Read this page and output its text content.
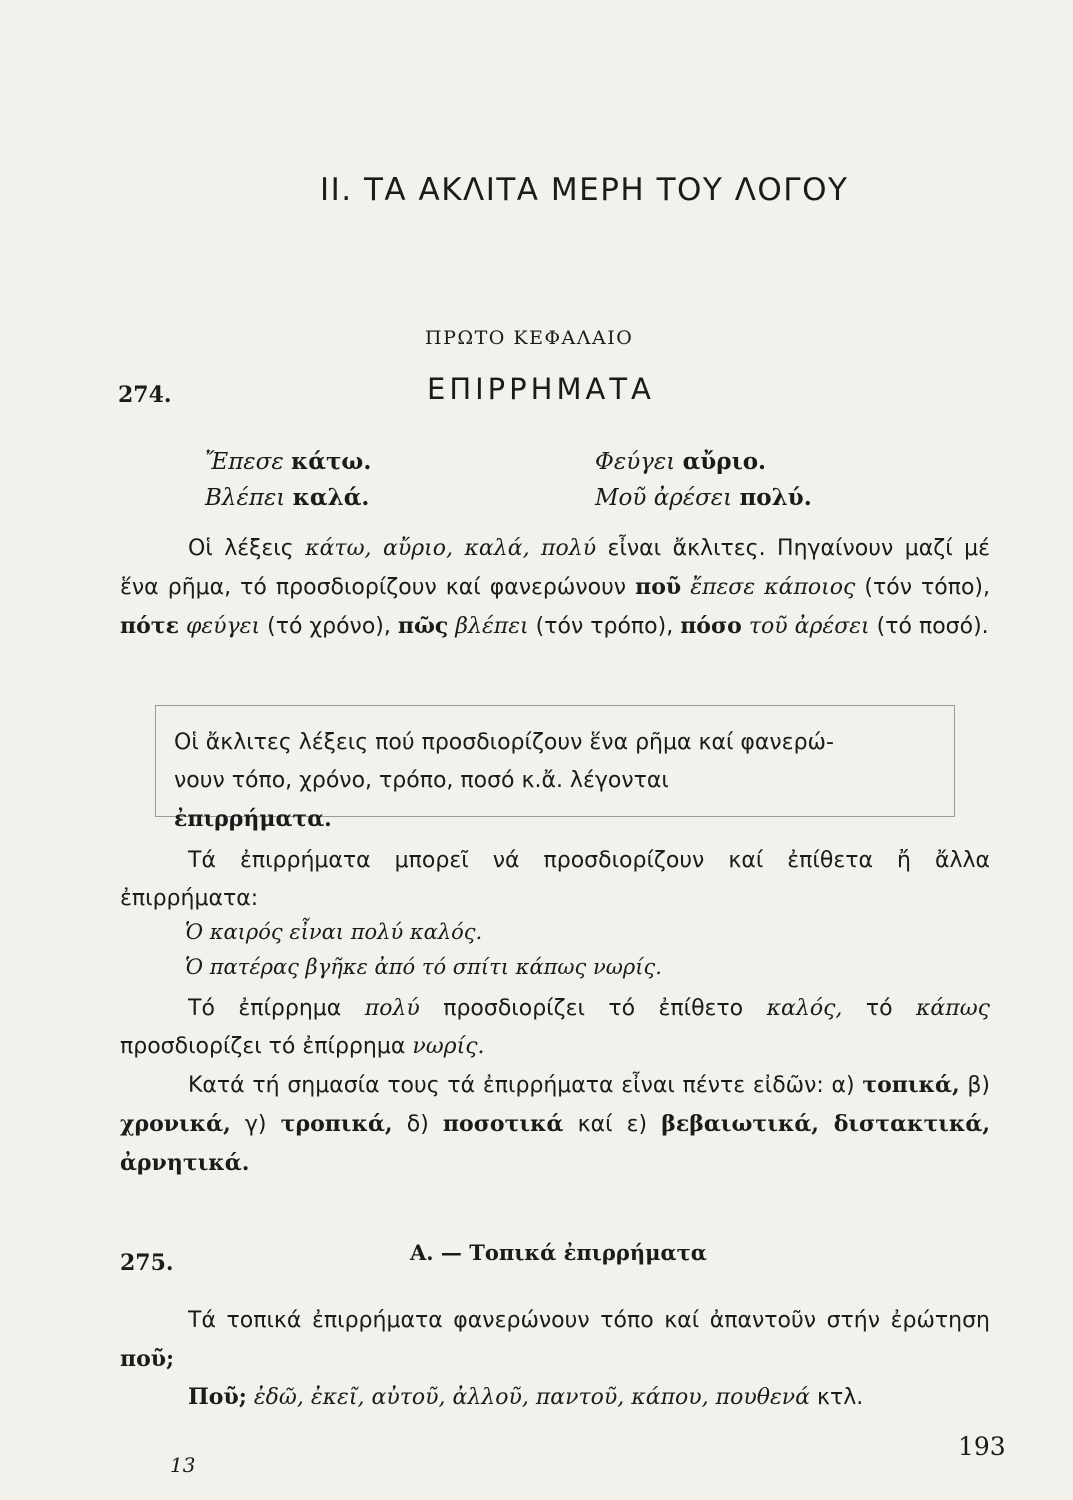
II. ΤΑ ΑΚΛΙΤΑ ΜΕΡΗ ΤΟΥ ΛΟΓΟΥ
ΠΡΩΤΟ ΚΕΦΑΛΑΙΟ
274.	ΕΠΙΡΡΗΜΑΤΑ
Ἔπεσε κάτω.	Φεύγει αὔριο.
Βλέπει καλά.	Μοῦ ἀρέσει πολύ.

Οἱ λέξεις κάτω, αὔριο, καλά, πολύ εἶναι ἄκλιτες. Πηγαίνουν μαζί μέ ἕνα ρῆμα, τό προσδιορίζουν καί φανερώνουν ποῦ ἔπεσε κάποιος (τόν τόπο), πότε φεύγει (τό χρόνο), πῶς βλέπει (τόν τρόπο), πόσο τοῦ ἀρέσει (τό ποσό).

Οἱ ἄκλιτες λέξεις πού προσδιορίζουν ἕνα ρῆμα καί φανερώ-
νουν τόπο, χρόνο, τρόπο, ποσό κ.ἄ. λέγονται
ἐπιρρήματα.

Τά ἐπιρρήματα μπορεῖ νά προσδιορίζουν καί ἐπίθετα ἤ ἄλλα ἐπιρρήματα:

Ὁ καιρός εἶναι πολύ καλός.
Ὁ πατέρας βγῆκε ἀπό τό σπίτι κάπως νωρίς.

Τό ἐπίρρημα πολύ προσδιορίζει τό ἐπίθετο καλός, τό κάπως προσδιορίζει τό ἐπίρρημα νωρίς.

Κατά τή σημασία τους τά ἐπιρρήματα εἶναι πέντε εἰδῶν: α) τοπικά, β) χρονικά, γ) τροπικά, δ) ποσοτικά καί ε) βεβαιωτικά, διστακτικά, ἀρνητικά.

275.	Α. — Τοπικά ἐπιρρήματα

Τά τοπικά ἐπιρρήματα φανερώνουν τόπο καί ἀπαντοῦν στήν ἐρώτηση ποῦ;

Ποῦ; ἐδῶ, ἐκεῖ, αὐτοῦ, ἀλλοῦ, παντοῦ, κάπου, πουθενά κτλ.

193
13
